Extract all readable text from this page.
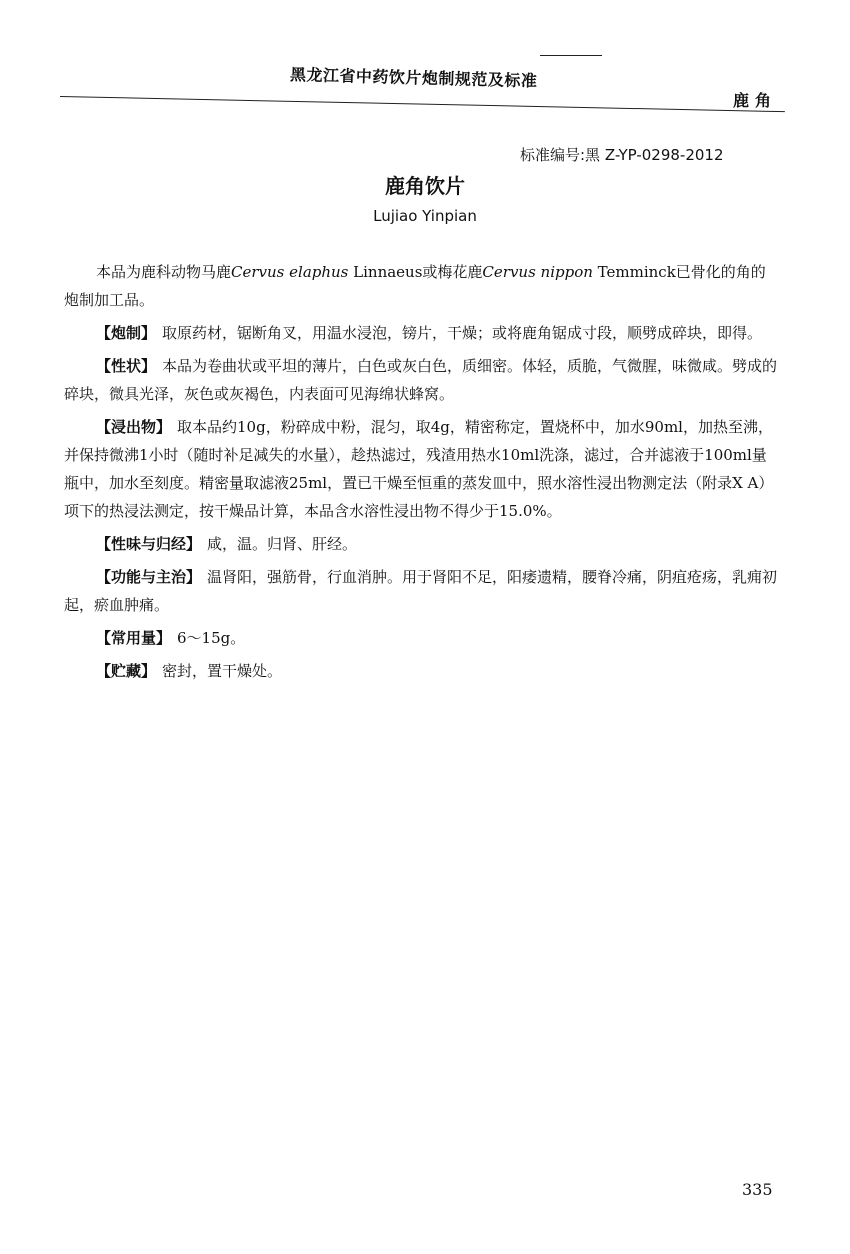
黑龙江省中药饮片炮制规范及标准
鹿角
标准编号:黑 Z-YP-0298-2012
鹿角饮片
Lujiao Yinpian

本品为鹿科动物马鹿Cervus elaphus Linnaeus或梅花鹿Cervus nippon Temminck已骨化的角的炮制加工品。

【炮制】 取原药材，锯断角叉，用温水浸泡，镑片，干燥；或将鹿角锯成寸段，顺劈成碎块，即得。

【性状】 本品为卷曲状或平坦的薄片，白色或灰白色，质细密。体轻，质脆，气微腥，味微咸。劈成的碎块，微具光泽，灰色或灰褐色，内表面可见海绵状蜂窝。

【浸出物】 取本品约10g，粉碎成中粉，混匀，取4g，精密称定，置烧杯中，加水90ml，加热至沸，并保持微沸1小时（随时补足减失的水量），趁热滤过，残渣用热水10ml洗涤，滤过，合并滤液于100ml量瓶中，加水至刻度。精密量取滤液25ml，置已干燥至恒重的蒸发皿中，照水溶性浸出物测定法（附录X A）项下的热浸法测定，按干燥品计算，本品含水溶性浸出物不得少于15.0%。

【性味与归经】 咸，温。归肾、肝经。

【功能与主治】 温肾阳，强筋骨，行血消肿。用于肾阳不足，阳痿遗精，腰脊冷痛，阴疽疮疡，乳痈初起，瘀血肿痛。

【常用量】 6～15g。

【贮藏】 密封，置干燥处。

335
